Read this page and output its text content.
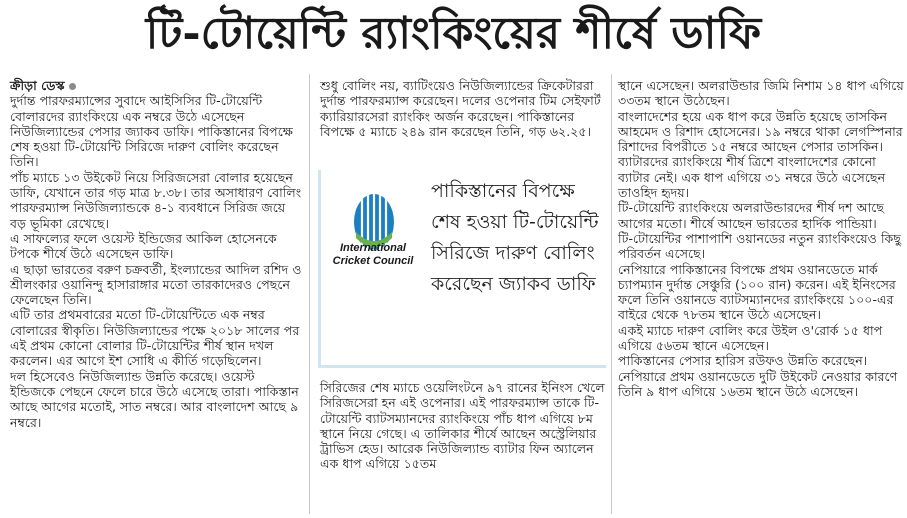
টি-টোয়েন্টি র‍্যাংকিংয়ের শীর্ষে ডাফি

ক্রীড়া ডেস্ক

দুর্দান্ত পারফরম্যান্সের সুবাদে আইসিসির টি-টোয়েন্টি বোলারদের র‍্যাংকিংয়ে এক নম্বরে উঠে এসেছেন নিউজিল্যান্ডের পেসার জ্যাকব ডাফি। পাকিস্তানের বিপক্ষে শেষ হওয়া টি-টোয়েন্টি সিরিজে দারুণ বোলিং করেছেন তিনি।

পাঁচ ম্যাচে ১৩ উইকেট নিয়ে সিরিজসেরা বোলার হয়েছেন ডাফি, যেখানে তার গড় মাত্র ৮.৩৮। তার অসাধারণ বোলিং পারফরম্যান্স নিউজিল্যান্ডকে ৪-১ ব্যবধানে সিরিজ জয়ে বড় ভূমিকা রেখেছে।

এ সাফল্যের ফলে ওয়েস্ট ইন্ডিজের আকিল হোসেনকে টপকে শীর্ষে উঠে এসেছেন ডাফি।

এ ছাড়া ভারতের বরুণ চক্রবর্তী, ইংল্যান্ডের আদিল রশিদ ও শ্রীলংকার ওয়ানিন্দু হাসারাঙ্গার মতো তারকাদেরও পেছনে ফেলেছেন তিনি।

এটি তার প্রথমবারের মতো টি-টোয়েন্টিতে এক নম্বর বোলারের স্বীকৃতি। নিউজিল্যান্ডের পক্ষে ২০১৮ সালের পর এই প্রথম কোনো বোলার টি-টোয়েন্টির শীর্ষ স্থান দখল করলেন। এর আগে ইশ সোধি এ কীর্তি গড়েছিলেন।

দল হিসেবেও নিউজিল্যান্ড উন্নতি করেছে। ওয়েস্ট ইন্ডিজকে পেছনে ফেলে চারে উঠে এসেছে তারা। পাকিস্তান আছে আগের মতোই, সাত নম্বরে। আর বাংলাদেশ আছে ৯ নম্বরে।

শুধু বোলিং নয়, ব্যাটিংয়েও নিউজিল্যান্ডের ক্রিকেটাররা দুর্দান্ত পারফরম্যান্স করেছেন। দলের ওপেনার টিম সেইফার্ট ক্যারিয়ারসেরা র‍্যাংকিং অর্জন করেছেন। পাকিস্তানের বিপক্ষে ৫ ম্যাচে ২৪৯ রান করেছেন তিনি, গড় ৬২.২৫।

International
Cricket Council
পাকিস্তানের বিপক্ষে শেষ হওয়া টি-টোয়েন্টি সিরিজে দারুণ বোলিং করেছেন জ্যাকব ডাফি

সিরিজের শেষ ম্যাচে ওয়েলিংটনে ৯৭ রানের ইনিংস খেলে সিরিজসেরা হন এই ওপেনার। এই পারফরম্যান্স তাকে টি-টোয়েন্টি ব্যাটসম্যানদের র‍্যাংকিংয়ে পাঁচ ধাপ এগিয়ে ৮ম স্থানে নিয়ে গেছে। এ তালিকার শীর্ষে আছেন অস্ট্রেলিয়ার ট্রাভিস হেড। আরেক নিউজিল্যান্ড ব্যাটার ফিন অ্যালেন এক ধাপ এগিয়ে ১৫তম

স্থানে এসেছেন। অলরাউন্ডার জিমি নিশাম ১৪ ধাপ এগিয়ে ৩৩তম স্থানে উঠেছেন।

বাংলাদেশের হয়ে এক ধাপ করে উন্নতি হয়েছে তাসকিন আহমেদ ও রিশাদ হোসেনের। ১৯ নম্বরে থাকা লেগস্পিনার রিশাদের বিপরীতে ১৫ নম্বরে আছেন পেসার তাসকিন। ব্যাটারদের র‍্যাংকিংয়ে শীর্ষ ত্রিশে বাংলাদেশের কোনো ব্যাটার নেই। এক ধাপ এগিয়ে ৩১ নম্বরে উঠে এসেছেন তাওহিদ হৃদয়।

টি-টোয়েন্টি র‍্যাংকিংয়ে অলরাউন্ডারদের শীর্ষ দশ আছে আগের মতো। শীর্ষে আছেন ভারতের হার্দিক পান্ডিয়া।

টি-টোয়েন্টির পাশাপাশি ওয়ানডের নতুন র‍্যাংকিংয়েও কিছু পরিবর্তন এসেছে।

নেপিয়ারে পাকিস্তানের বিপক্ষে প্রথম ওয়ানডেতে মার্ক চ্যাপম্যান দুর্দান্ত সেঞ্চুরি (১০০ রান) করেন। এই ইনিংসের ফলে তিনি ওয়ানডে ব্যাটসম্যানদের র‍্যাংকিংয়ে ১০০-এর বাইরে থেকে ৭৮তম স্থানে উঠে এসেছেন।

একই ম্যাচে দারুণ বোলিং করে উইল ও'রোর্ক ১৫ ধাপ এগিয়ে ৫৬তম স্থানে এসেছেন।

পাকিস্তানের পেসার হারিস রউফও উন্নতি করেছেন। নেপিয়ারে প্রথম ওয়ানডেতে দুটি উইকেট নেওয়ার কারণে তিনি ৯ ধাপ এগিয়ে ১৬তম স্থানে উঠে এসেছেন।
